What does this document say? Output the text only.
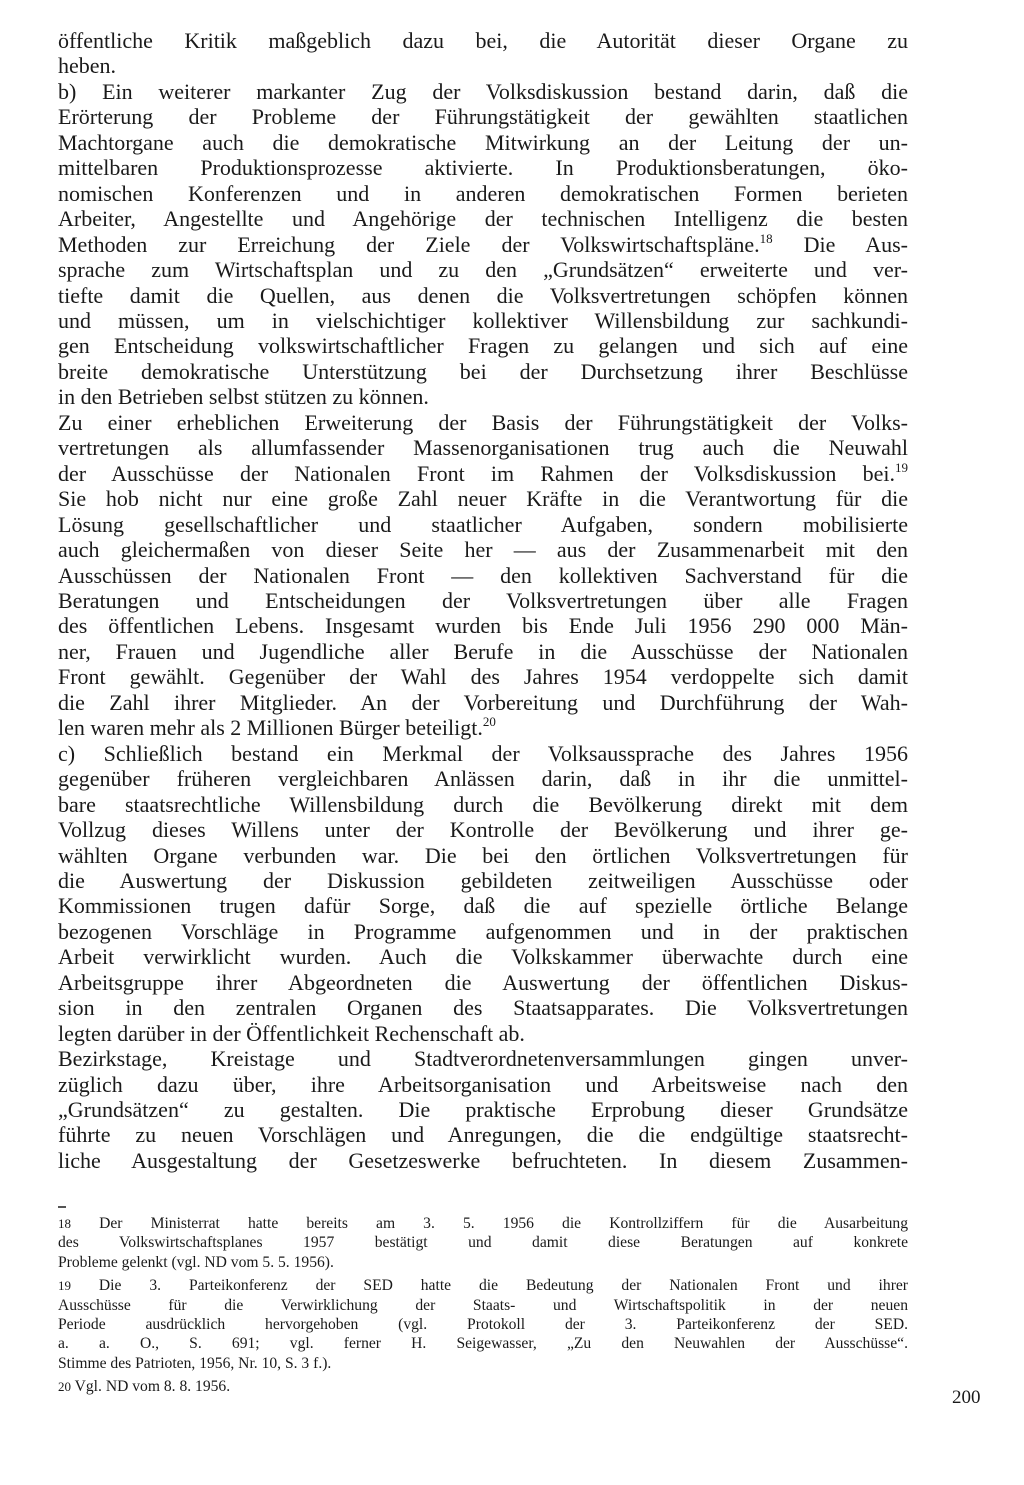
öffentliche Kritik maßgeblich dazu bei, die Autorität dieser Organe zu
heben.
b) Ein weiterer markanter Zug der Volksdiskussion bestand darin, daß die
Erörterung der Probleme der Führungstätigkeit der gewählten staatlichen
Machtorgane auch die demokratische Mitwirkung an der Leitung der un-
mittelbaren Produktionsprozesse aktivierte. In Produktionsberatungen, öko-
nomischen Konferenzen und in anderen demokratischen Formen berieten
Arbeiter, Angestellte und Angehörige der technischen Intelligenz die besten
Methoden zur Erreichung der Ziele der Volkswirtschaftspläne.$^{18}$ Die Aus-
sprache zum Wirtschaftsplan und zu den „Grundsätzen“ erweiterte und ver-
tiefte damit die Quellen, aus denen die Volksvertretungen schöpfen können
und müssen, um in vielschichtiger kollektiver Willensbildung zur sachkundi-
gen Entscheidung volkswirtschaftlicher Fragen zu gelangen und sich auf eine
breite demokratische Unterstützung bei der Durchsetzung ihrer Beschlüsse
in den Betrieben selbst stützen zu können.
Zu einer erheblichen Erweiterung der Basis der Führungstätigkeit der Volks-
vertretungen als allumfassender Massenorganisationen trug auch die Neuwahl
der Ausschüsse der Nationalen Front im Rahmen der Volksdiskussion bei.$^{19}$
Sie hob nicht nur eine große Zahl neuer Kräfte in die Verantwortung für die
Lösung gesellschaftlicher und staatlicher Aufgaben, sondern mobilisierte
auch gleichermaßen von dieser Seite her — aus der Zusammenarbeit mit den
Ausschüssen der Nationalen Front — den kollektiven Sachverstand für die
Beratungen und Entscheidungen der Volksvertretungen über alle Fragen
des öffentlichen Lebens. Insgesamt wurden bis Ende Juli 1956 290 000 Män-
ner, Frauen und Jugendliche aller Berufe in die Ausschüsse der Nationalen
Front gewählt. Gegenüber der Wahl des Jahres 1954 verdoppelte sich damit
die Zahl ihrer Mitglieder. An der Vorbereitung und Durchführung der Wah-
len waren mehr als 2 Millionen Bürger beteiligt.$^{20}$
c) Schließlich bestand ein Merkmal der Volksaussprache des Jahres 1956
gegenüber früheren vergleichbaren Anlässen darin, daß in ihr die unmittel-
bare staatsrechtliche Willensbildung durch die Bevölkerung direkt mit dem
Vollzug dieses Willens unter der Kontrolle der Bevölkerung und ihrer ge-
wählten Organe verbunden war. Die bei den örtlichen Volksvertretungen für
die Auswertung der Diskussion gebildeten zeitweiligen Ausschüsse oder
Kommissionen trugen dafür Sorge, daß die auf spezielle örtliche Belange
bezogenen Vorschläge in Programme aufgenommen und in der praktischen
Arbeit verwirklicht wurden. Auch die Volkskammer überwachte durch eine
Arbeitsgruppe ihrer Abgeordneten die Auswertung der öffentlichen Diskus-
sion in den zentralen Organen des Staatsapparates. Die Volksvertretungen
legten darüber in der Öffentlichkeit Rechenschaft ab.
Bezirkstage, Kreistage und Stadtverordnetenversammlungen gingen unver-
züglich dazu über, ihre Arbeitsorganisation und Arbeitsweise nach den
„Grundsätzen“ zu gestalten. Die praktische Erprobung dieser Grundsätze
führte zu neuen Vorschlägen und Anregungen, die die endgültige staatsrecht-
liche Ausgestaltung der Gesetzeswerke befruchteten. In diesem Zusammen-
18 Der Ministerrat hatte bereits am 3. 5. 1956 die Kontrollziffern für die Ausarbeitung
des Volkswirtschaftsplanes 1957 bestätigt und damit diese Beratungen auf konkrete
Probleme gelenkt (vgl. ND vom 5. 5. 1956).
19 Die 3. Parteikonferenz der SED hatte die Bedeutung der Nationalen Front und ihrer
Ausschüsse für die Verwirklichung der Staats- und Wirtschaftspolitik in der neuen
Periode ausdrücklich hervorgehoben (vgl. Protokoll der 3. Parteikonferenz der SED.
a. a. O., S. 691; vgl. ferner H. Seigewasser, „Zu den Neuwahlen der Ausschüsse“.
Stimme des Patrioten, 1956, Nr. 10, S. 3 f.).
20 Vgl. ND vom 8. 8. 1956.
200
